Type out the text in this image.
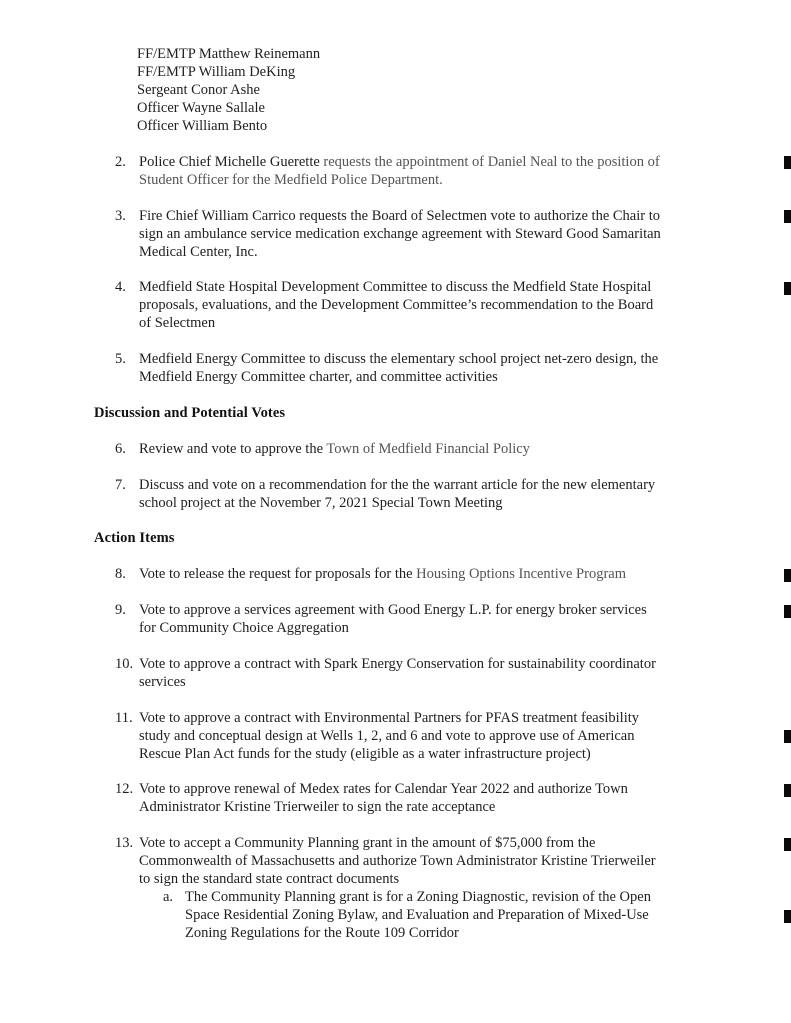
FF/EMTP Matthew Reinemann
FF/EMTP William DeKing
Sergeant Conor Ashe
Officer Wayne Sallale
Officer William Bento
2. Police Chief Michelle Guerette requests the appointment of Daniel Neal to the position of
Student Officer for the Medfield Police Department.
3. Fire Chief William Carrico requests the Board of Selectmen vote to authorize the Chair to
sign an ambulance service medication exchange agreement with Steward Good Samaritan
Medical Center, Inc.
4. Medfield State Hospital Development Committee to discuss the Medfield State Hospital
proposals, evaluations, and the Development Committee’s recommendation to the Board
of Selectmen
5. Medfield Energy Committee to discuss the elementary school project net-zero design, the
Medfield Energy Committee charter, and committee activities
Discussion and Potential Votes
6. Review and vote to approve the Town of Medfield Financial Policy
7. Discuss and vote on a recommendation for the the warrant article for the new elementary
school project at the November 7, 2021 Special Town Meeting
Action Items
8. Vote to release the request for proposals for the Housing Options Incentive Program
9. Vote to approve a services agreement with Good Energy L.P. for energy broker services
for Community Choice Aggregation
10. Vote to approve a contract with Spark Energy Conservation for sustainability coordinator
services
11. Vote to approve a contract with Environmental Partners for PFAS treatment feasibility
study and conceptual design at Wells 1, 2, and 6 and vote to approve use of American
Rescue Plan Act funds for the study (eligible as a water infrastructure project)
12. Vote to approve renewal of Medex rates for Calendar Year 2022 and authorize Town
Administrator Kristine Trierweiler to sign the rate acceptance
13. Vote to accept a Community Planning grant in the amount of $75,000 from the
Commonwealth of Massachusetts and authorize Town Administrator Kristine Trierweiler
to sign the standard state contract documents
a. The Community Planning grant is for a Zoning Diagnostic, revision of the Open
Space Residential Zoning Bylaw, and Evaluation and Preparation of Mixed-Use
Zoning Regulations for the Route 109 Corridor
